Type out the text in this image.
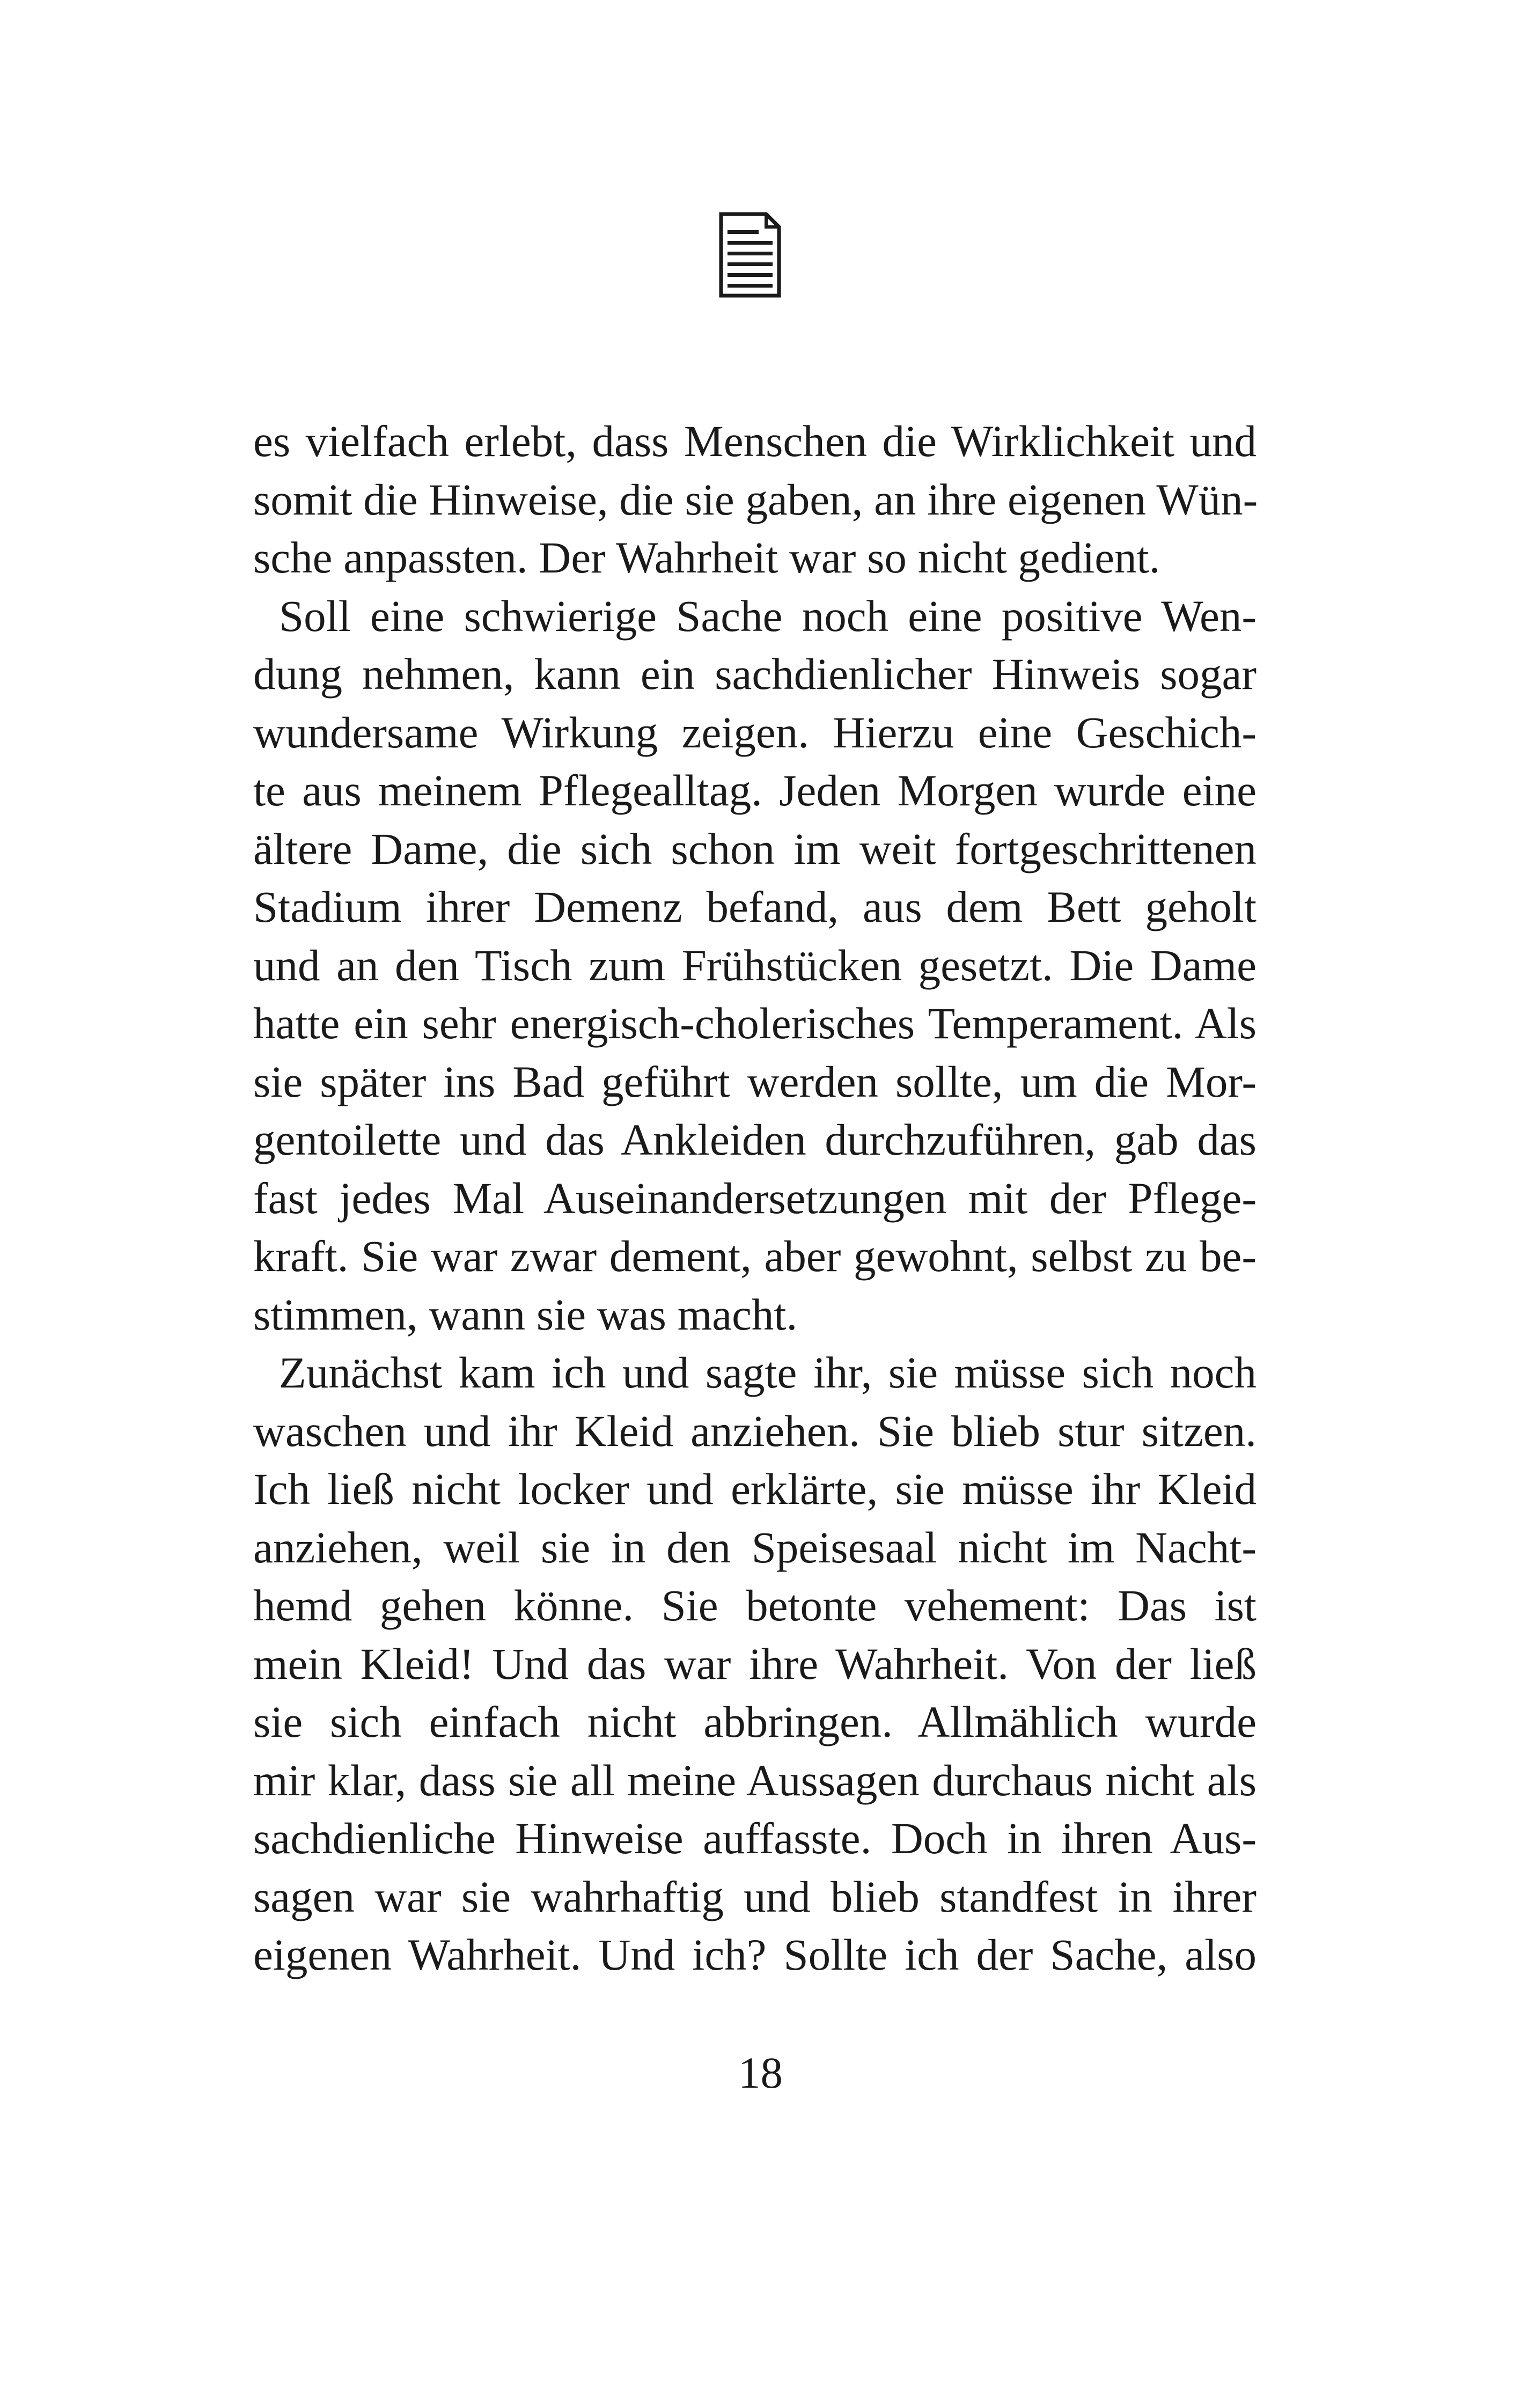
es vielfach erlebt, dass Menschen die Wirklichkeit und
somit die Hinweise, die sie gaben, an ihre eigenen Wün-
sche anpassten. Der Wahrheit war so nicht gedient.
Soll eine schwierige Sache noch eine positive Wen-
dung nehmen, kann ein sachdienlicher Hinweis sogar
wundersame Wirkung zeigen. Hierzu eine Geschich-
te aus meinem Pflegealltag. Jeden Morgen wurde eine
ältere Dame, die sich schon im weit fortgeschrittenen
Stadium ihrer Demenz befand, aus dem Bett geholt
und an den Tisch zum Frühstücken gesetzt. Die Dame
hatte ein sehr energisch-cholerisches Temperament. Als
sie später ins Bad geführt werden sollte, um die Mor-
gentoilette und das Ankleiden durchzuführen, gab das
fast jedes Mal Auseinandersetzungen mit der Pflege-
kraft. Sie war zwar dement, aber gewohnt, selbst zu be-
stimmen, wann sie was macht.
Zunächst kam ich und sagte ihr, sie müsse sich noch
waschen und ihr Kleid anziehen. Sie blieb stur sitzen.
Ich ließ nicht locker und erklärte, sie müsse ihr Kleid
anziehen, weil sie in den Speisesaal nicht im Nacht-
hemd gehen könne. Sie betonte vehement: Das ist
mein Kleid! Und das war ihre Wahrheit. Von der ließ
sie sich einfach nicht abbringen. Allmählich wurde
mir klar, dass sie all meine Aussagen durchaus nicht als
sachdienliche Hinweise auffasste. Doch in ihren Aus-
sagen war sie wahrhaftig und blieb standfest in ihrer
eigenen Wahrheit. Und ich? Sollte ich der Sache, also
18
